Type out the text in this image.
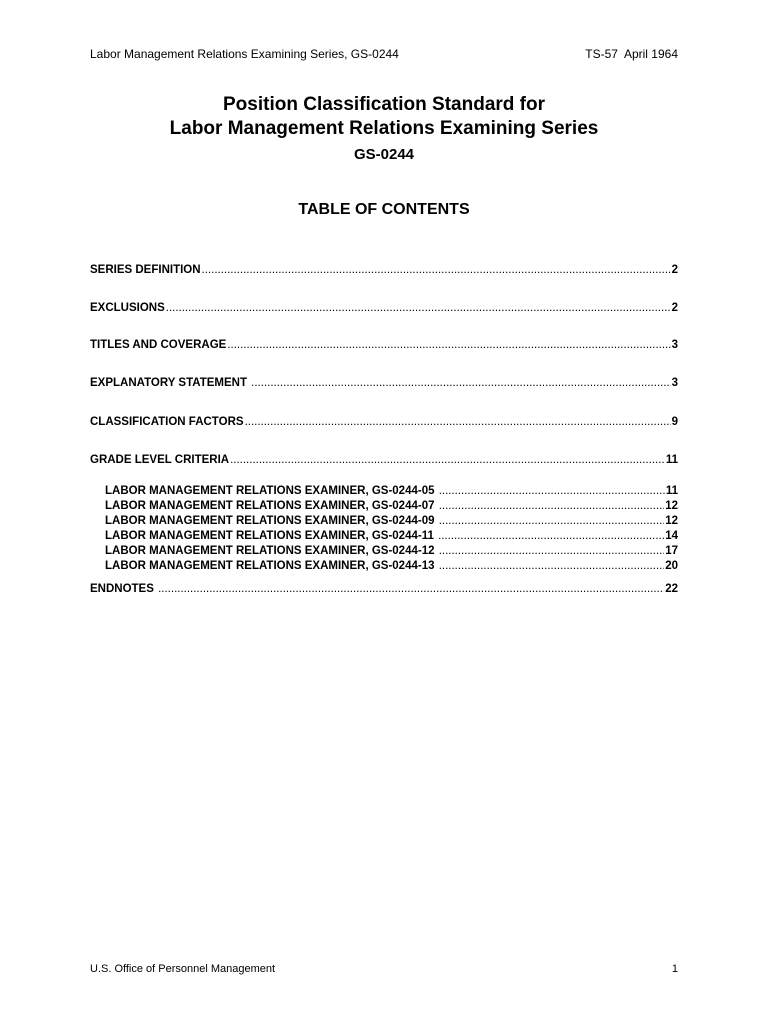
Labor Management Relations Examining Series, GS-0244	TS-57  April 1964
Position Classification Standard for
Labor Management Relations Examining Series
GS-0244
TABLE OF CONTENTS
SERIES DEFINITION .....	2
EXCLUSIONS .....	2
TITLES AND COVERAGE .....	3
EXPLANATORY STATEMENT .....	3
CLASSIFICATION FACTORS .....	9
GRADE LEVEL CRITERIA .....	11
LABOR MANAGEMENT RELATIONS EXAMINER, GS-0244-05 .....	11
LABOR MANAGEMENT RELATIONS EXAMINER, GS-0244-07 .....	12
LABOR MANAGEMENT RELATIONS EXAMINER, GS-0244-09 .....	12
LABOR MANAGEMENT RELATIONS EXAMINER, GS-0244-11 .....	14
LABOR MANAGEMENT RELATIONS EXAMINER, GS-0244-12 .....	17
LABOR MANAGEMENT RELATIONS EXAMINER, GS-0244-13 .....	20
ENDNOTES .....	22
U.S. Office of Personnel Management	1
